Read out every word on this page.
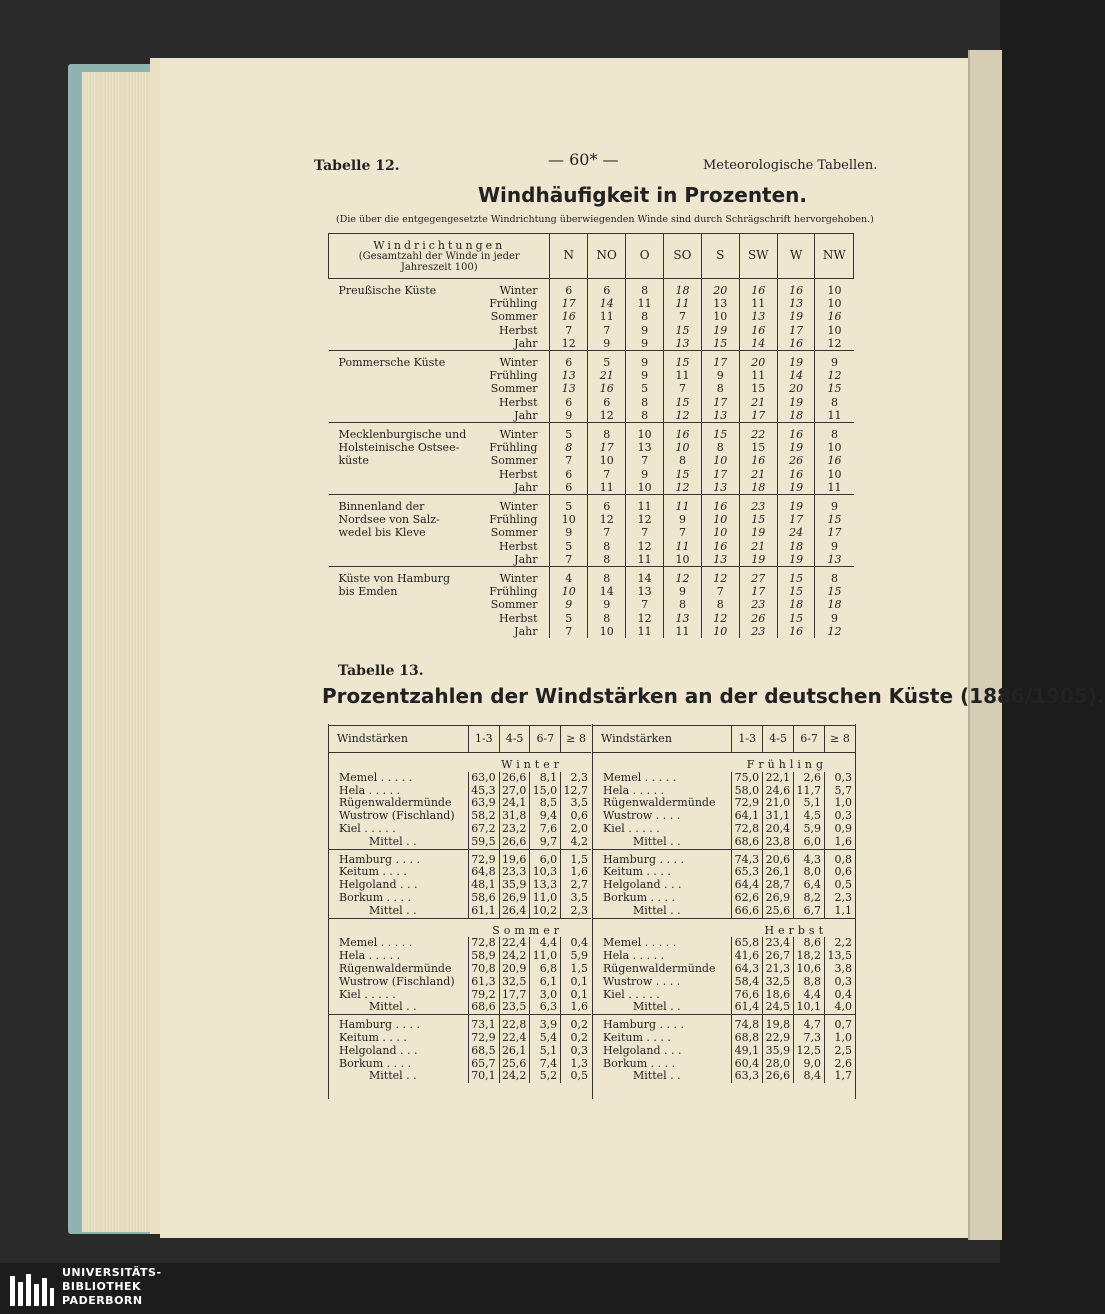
Tabelle 12.	— 60* —	Meteorologische Tabellen.
Windhäufigkeit in Prozenten.
(Die über die entgegengesetzte Windrichtung überwiegenden Winde sind durch Schrägschrift hervorgehoben.)
Windrichtungen
(Gesamtzahl der Winde in jeder
Jahreszeit 100)		N	NO	O	SO	S	SW	W	NW
Preußische Küste	Winter	6	6	8	18	20	16	16	10
	Frühling	17	14	11	11	13	11	13	10
	Sommer	16	11	8	7	10	13	19	16
	Herbst	7	7	9	15	19	16	17	10
	Jahr	12	9	9	13	15	14	16	12
Pommersche Küste	Winter	6	5	9	15	17	20	19	9
	Frühling	13	21	9	11	9	11	14	12
	Sommer	13	16	5	7	8	15	20	15
	Herbst	6	6	8	15	17	21	19	8
	Jahr	9	12	8	12	13	17	18	11
Mecklenburgische und Holsteinische Ostsee-küste	Winter	5	8	10	16	15	22	16	8
	Frühling	8	17	13	10	8	15	19	10
	Sommer	7	10	7	8	10	16	26	16
	Herbst	6	7	9	15	17	21	16	10
	Jahr	6	11	10	12	13	18	19	11
Binnenland der Nordsee von Salz-wedel bis Kleve	Winter	5	6	11	11	16	23	19	9
	Frühling	10	12	12	9	10	15	17	15
	Sommer	9	7	7	7	10	19	24	17
	Herbst	5	8	12	11	16	21	18	9
	Jahr	7	8	11	10	13	19	19	13
Küste von Hamburg bis Emden	Winter	4	8	14	12	12	27	15	8
	Frühling	10	14	13	9	7	17	15	15
	Sommer	9	9	7	8	8	23	18	18
	Herbst	5	8	12	13	12	26	15	9
	Jahr	7	10	11	11	10	23	16	12
Tabelle 13.
Prozentzahlen der Windstärken an der deutschen Küste (1886/1905).
Windstärken	1-3	4-5	6-7	≥ 8
Winter				
Memel . . . . .	63,0	26,6	8,1	2,3
Hela . . . . .	45,3	27,0	15,0	12,7
Rügenwaldermünde	63,9	24,1	8,5	3,5
Wustrow (Fischland)	58,2	31,8	9,4	0,6
Kiel . . . . .	67,2	23,2	7,6	2,0
Mittel . .	59,5	26,6	9,7	4,2
Hamburg . . . .	72,9	19,6	6,0	1,5
Keitum . . . .	64,8	23,3	10,3	1,6
Helgoland . . .	48,1	35,9	13,3	2,7
Borkum . . . .	58,6	26,9	11,0	3,5
Mittel . .	61,1	26,4	10,2	2,3
Sommer				
Memel . . . . .	72,8	22,4	4,4	0,4
Hela . . . . .	58,9	24,2	11,0	5,9
Rügenwaldermünde	70,8	20,9	6,8	1,5
Wustrow (Fischland)	61,3	32,5	6,1	0,1
Kiel . . . . .	79,2	17,7	3,0	0,1
Mittel . .	68,6	23,5	6,3	1,6
Hamburg . . . .	73,1	22,8	3,9	0,2
Keitum . . . .	72,9	22,4	5,4	0,2
Helgoland . . .	68,5	26,1	5,1	0,3
Borkum . . . .	65,7	25,6	7,4	1,3
Mittel . .	70,1	24,2	5,2	0,5
Windstärken	1-3	4-5	6-7	≥ 8
Frühling				
Memel . . . . .	75,0	22,1	2,6	0,3
Hela . . . . .	58,0	24,6	11,7	5,7
Rügenwaldermünde	72,9	21,0	5,1	1,0
Wustrow . . . .	64,1	31,1	4,5	0,3
Kiel . . . . .	72,8	20,4	5,9	0,9
Mittel . .	68,6	23,8	6,0	1,6
Hamburg . . . .	74,3	20,6	4,3	0,8
Keitum . . . .	65,3	26,1	8,0	0,6
Helgoland . . .	64,4	28,7	6,4	0,5
Borkum . . . .	62,6	26,9	8,2	2,3
Mittel . .	66,6	25,6	6,7	1,1
Herbst				
Memel . . . . .	65,8	23,4	8,6	2,2
Hela . . . . .	41,6	26,7	18,2	13,5
Rügenwaldermünde	64,3	21,3	10,6	3,8
Wustrow . . . .	58,4	32,5	8,8	0,3
Kiel . . . . .	76,6	18,6	4,4	0,4
Mittel . .	61,4	24,5	10,1	4,0
Hamburg . . . .	74,8	19,8	4,7	0,7
Keitum . . . .	68,8	22,9	7,3	1,0
Helgoland . . .	49,1	35,9	12,5	2,5
Borkum . . . .	60,4	28,0	9,0	2,6
Mittel . .	63,3	26,6	8,4	1,7
UNIVERSITÄTS-
BIBLIOTHEK
PADERBORN
